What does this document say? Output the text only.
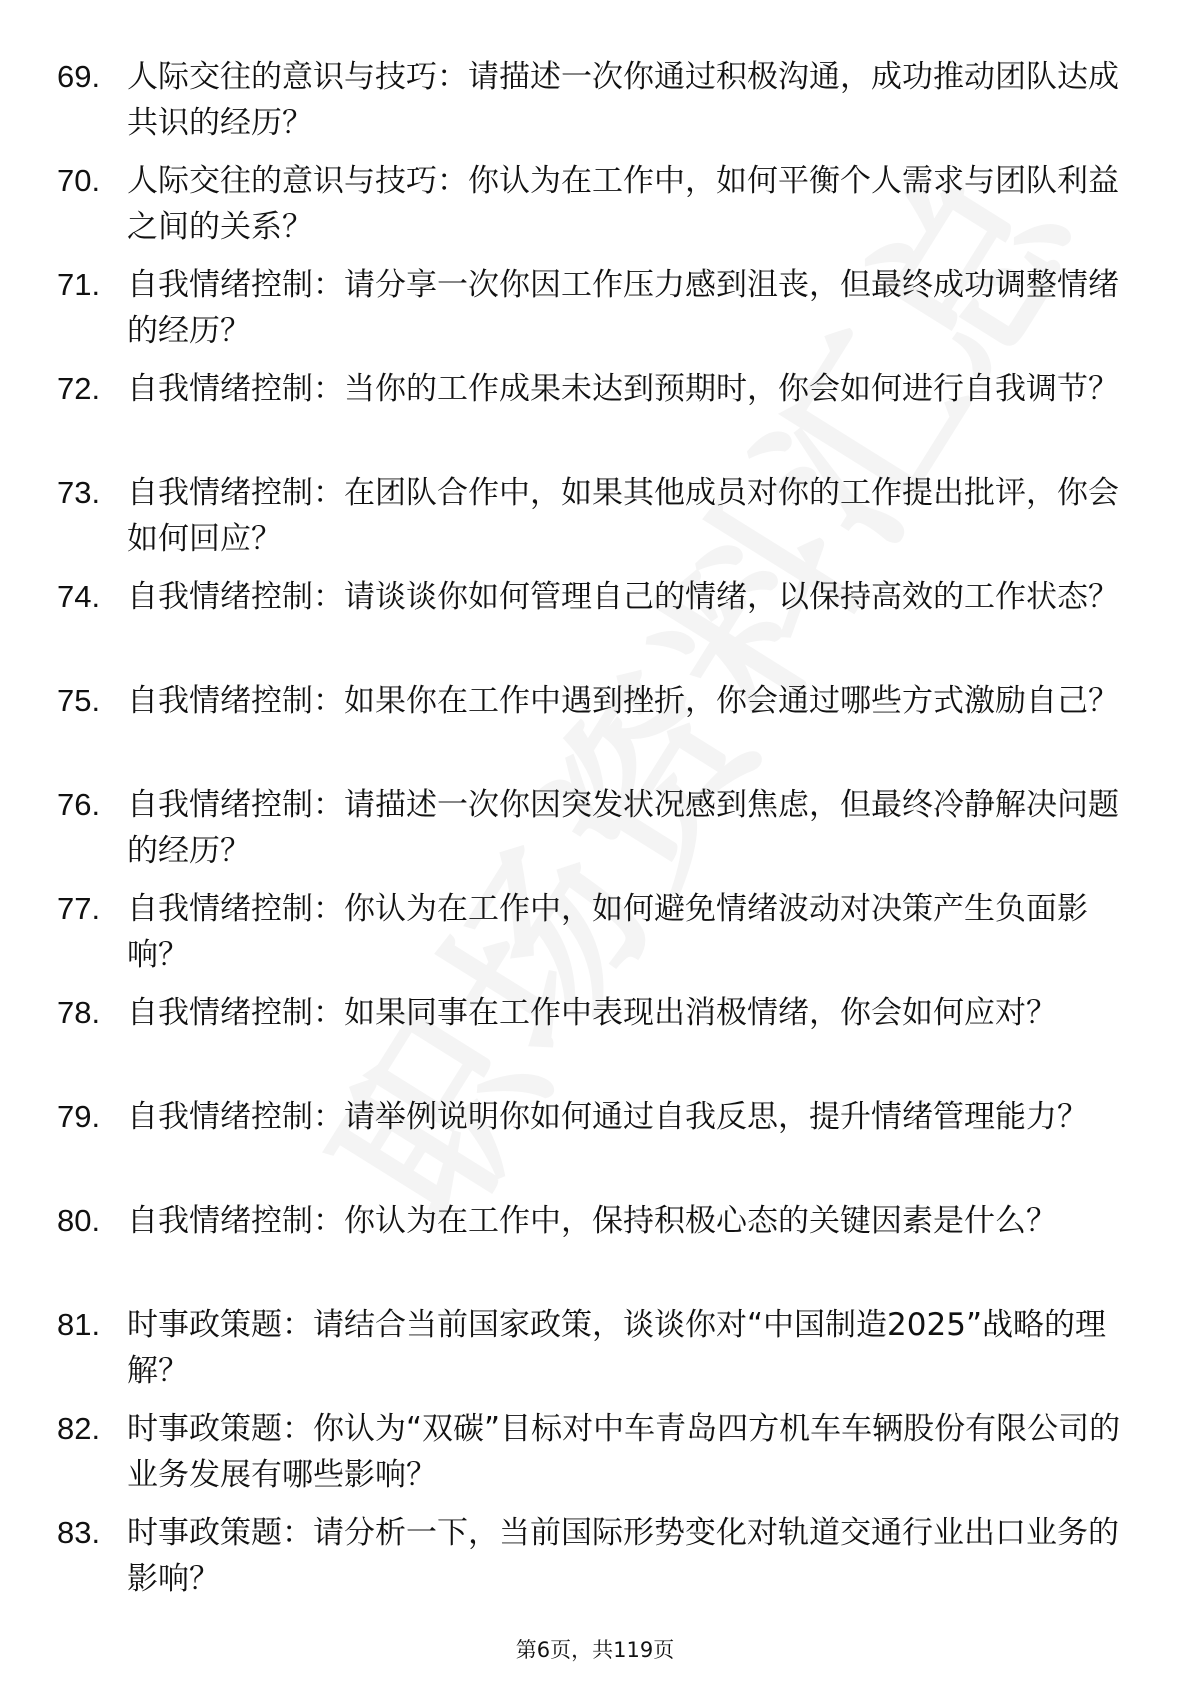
69. 人际交往的意识与技巧：请描述一次你通过积极沟通，成功推动团队达成共识的经历？
70. 人际交往的意识与技巧：你认为在工作中，如何平衡个人需求与团队利益之间的关系？
71. 自我情绪控制：请分享一次你因工作压力感到沮丧，但最终成功调整情绪的经历？
72. 自我情绪控制：当你的工作成果未达到预期时，你会如何进行自我调节？
73. 自我情绪控制：在团队合作中，如果其他成员对你的工作提出批评，你会如何回应？
74. 自我情绪控制：请谈谈你如何管理自己的情绪，以保持高效的工作状态？
75. 自我情绪控制：如果你在工作中遇到挫折，你会通过哪些方式激励自己？
76. 自我情绪控制：请描述一次你因突发状况感到焦虑，但最终冷静解决问题的经历？
77. 自我情绪控制：你认为在工作中，如何避免情绪波动对决策产生负面影响？
78. 自我情绪控制：如果同事在工作中表现出消极情绪，你会如何应对？
79. 自我情绪控制：请举例说明你如何通过自我反思，提升情绪管理能力？
80. 自我情绪控制：你认为在工作中，保持积极心态的关键因素是什么？
81. 时事政策题：请结合当前国家政策，谈谈你对“中国制造2025”战略的理解？
82. 时事政策题：你认为“双碳”目标对中车青岛四方机车车辆股份有限公司的业务发展有哪些影响？
83. 时事政策题：请分析一下，当前国际形势变化对轨道交通行业出口业务的影响？
第6页，共119页
